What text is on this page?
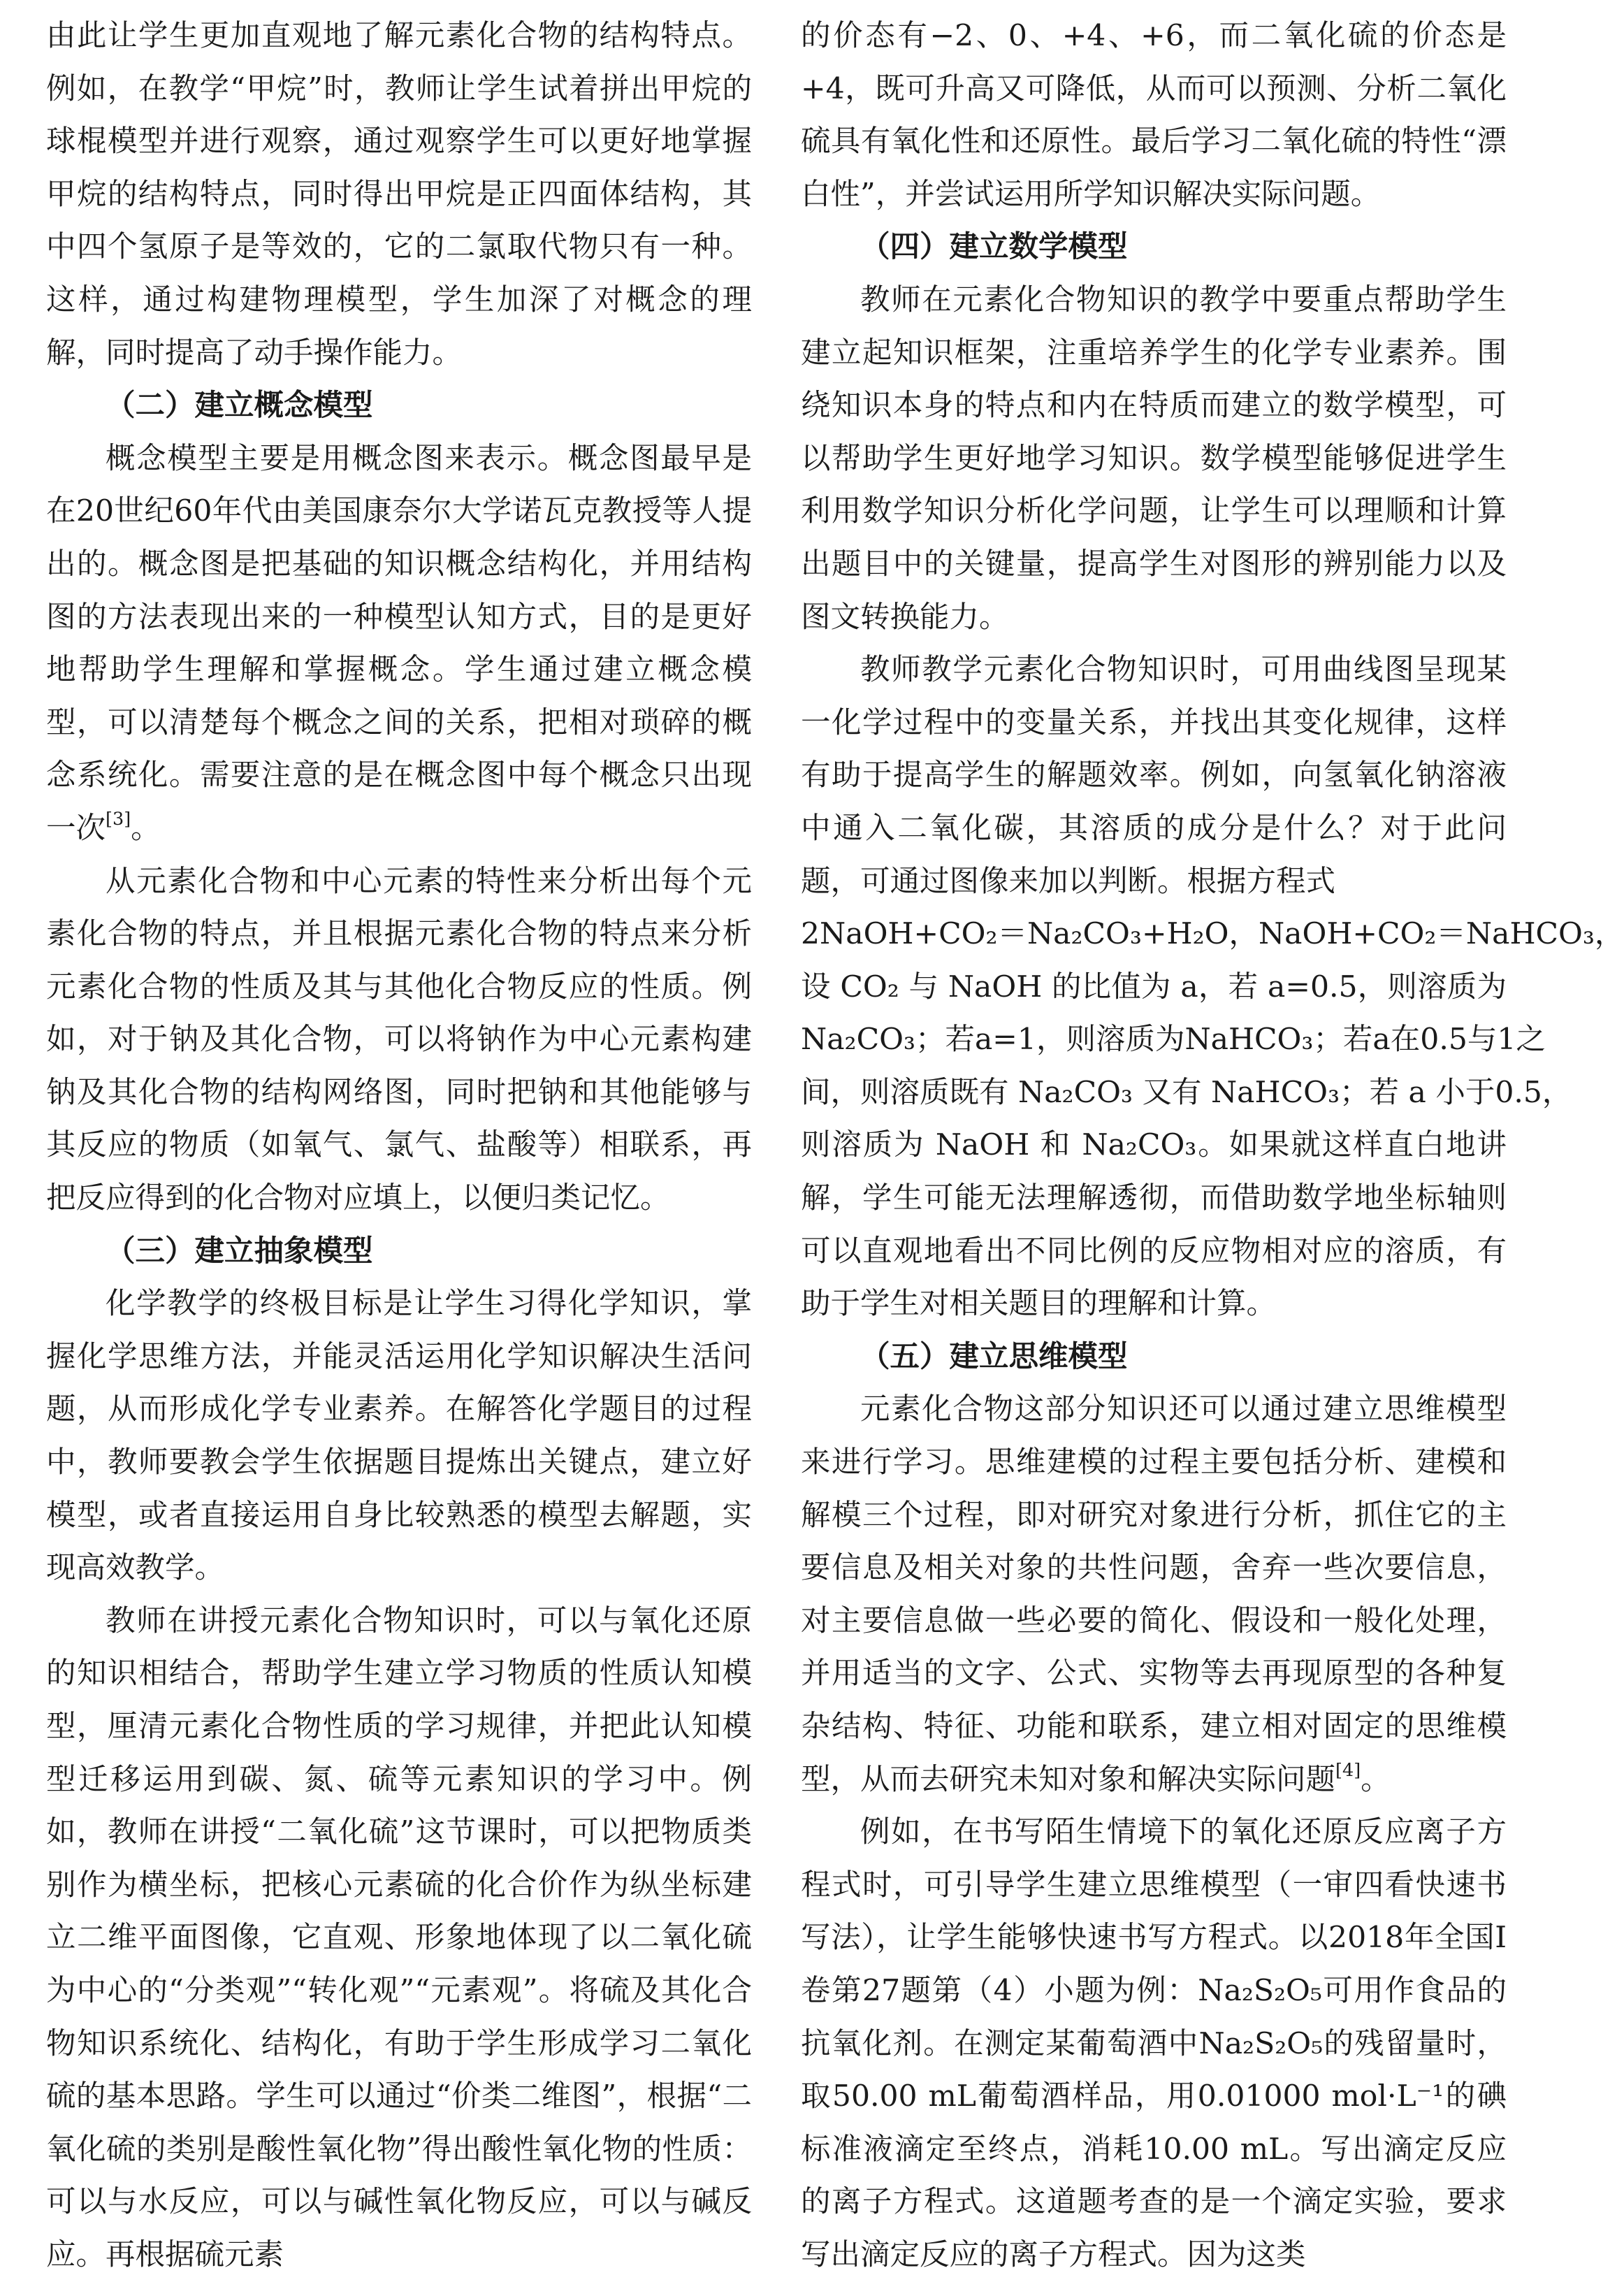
由此让学生更加直观地了解元素化合物的结构特点。例如，在教学“甲烷”时，教师让学生试着拼出甲烷的球棍模型并进行观察，通过观察学生可以更好地掌握甲烷的结构特点，同时得出甲烷是正四面体结构，其中四个氢原子是等效的，它的二氯取代物只有一种。这样，通过构建物理模型，学生加深了对概念的理解，同时提高了动手操作能力。

（二）建立概念模型

概念模型主要是用概念图来表示。概念图最早是在20世纪60年代由美国康奈尔大学诺瓦克教授等人提出的。概念图是把基础的知识概念结构化，并用结构图的方法表现出来的一种模型认知方式，目的是更好地帮助学生理解和掌握概念。学生通过建立概念模型，可以清楚每个概念之间的关系，把相对琐碎的概念系统化。需要注意的是在概念图中每个概念只出现一次[3]。

从元素化合物和中心元素的特性来分析出每个元素化合物的特点，并且根据元素化合物的特点来分析元素化合物的性质及其与其他化合物反应的性质。例如，对于钠及其化合物，可以将钠作为中心元素构建钠及其化合物的结构网络图，同时把钠和其他能够与其反应的物质（如氧气、氯气、盐酸等）相联系，再把反应得到的化合物对应填上，以便归类记忆。

（三）建立抽象模型

化学教学的终极目标是让学生习得化学知识，掌握化学思维方法，并能灵活运用化学知识解决生活问题，从而形成化学专业素养。在解答化学题目的过程中，教师要教会学生依据题目提炼出关键点，建立好模型，或者直接运用自身比较熟悉的模型去解题，实现高效教学。

教师在讲授元素化合物知识时，可以与氧化还原的知识相结合，帮助学生建立学习物质的性质认知模型，厘清元素化合物性质的学习规律，并把此认知模型迁移运用到碳、氮、硫等元素知识的学习中。例如，教师在讲授“二氧化硫”这节课时，可以把物质类别作为横坐标，把核心元素硫的化合价作为纵坐标建立二维平面图像，它直观、形象地体现了以二氧化硫为中心的“分类观”“转化观”“元素观”。将硫及其化合物知识系统化、结构化，有助于学生形成学习二氧化硫的基本思路。学生可以通过“价类二维图”，根据“二氧化硫的类别是酸性氧化物”得出酸性氧化物的性质：可以与水反应，可以与碱性氧化物反应，可以与碱反应。再根据硫元素

的价态有−2、0、+4、+6，而二氧化硫的价态是+4，既可升高又可降低，从而可以预测、分析二氧化硫具有氧化性和还原性。最后学习二氧化硫的特性“漂白性”，并尝试运用所学知识解决实际问题。

（四）建立数学模型

教师在元素化合物知识的教学中要重点帮助学生建立起知识框架，注重培养学生的化学专业素养。围绕知识本身的特点和内在特质而建立的数学模型，可以帮助学生更好地学习知识。数学模型能够促进学生利用数学知识分析化学问题，让学生可以理顺和计算出题目中的关键量，提高学生对图形的辨别能力以及图文转换能力。

教师教学元素化合物知识时，可用曲线图呈现某一化学过程中的变量关系，并找出其变化规律，这样有助于提高学生的解题效率。例如，向氢氧化钠溶液中通入二氧化碳，其溶质的成分是什么？对于此问题，可通过图像来加以判断。根据方程式

2NaOH+CO₂＝Na₂CO₃+H₂O，NaOH+CO₂＝NaHCO₃，
设 CO₂ 与 NaOH 的比值为 a，若 a=0.5，则溶质为
Na₂CO₃；若a=1，则溶质为NaHCO₃；若a在0.5与1之
间，则溶质既有 Na₂CO₃ 又有 NaHCO₃；若 a 小于0.5，

则溶质为 NaOH 和 Na₂CO₃。如果就这样直白地讲解，学生可能无法理解透彻，而借助数学地坐标轴则可以直观地看出不同比例的反应物相对应的溶质，有助于学生对相关题目的理解和计算。

（五）建立思维模型

元素化合物这部分知识还可以通过建立思维模型来进行学习。思维建模的过程主要包括分析、建模和解模三个过程，即对研究对象进行分析，抓住它的主要信息及相关对象的共性问题，舍弃一些次要信息，对主要信息做一些必要的简化、假设和一般化处理，并用适当的文字、公式、实物等去再现原型的各种复杂结构、特征、功能和联系，建立相对固定的思维模型，从而去研究未知对象和解决实际问题[4]。

例如，在书写陌生情境下的氧化还原反应离子方程式时，可引导学生建立思维模型（一审四看快速书写法），让学生能够快速书写方程式。以2018年全国Ⅰ卷第27题第（4）小题为例：Na₂S₂O₅可用作食品的抗氧化剂。在测定某葡萄酒中Na₂S₂O₅的残留量时，取50.00 mL葡萄酒样品，用0.01000 mol·L⁻¹的碘标准液滴定至终点，消耗10.00 mL。写出滴定反应的离子方程式。这道题考查的是一个滴定实验，要求写出滴定反应的离子方程式。因为这类
